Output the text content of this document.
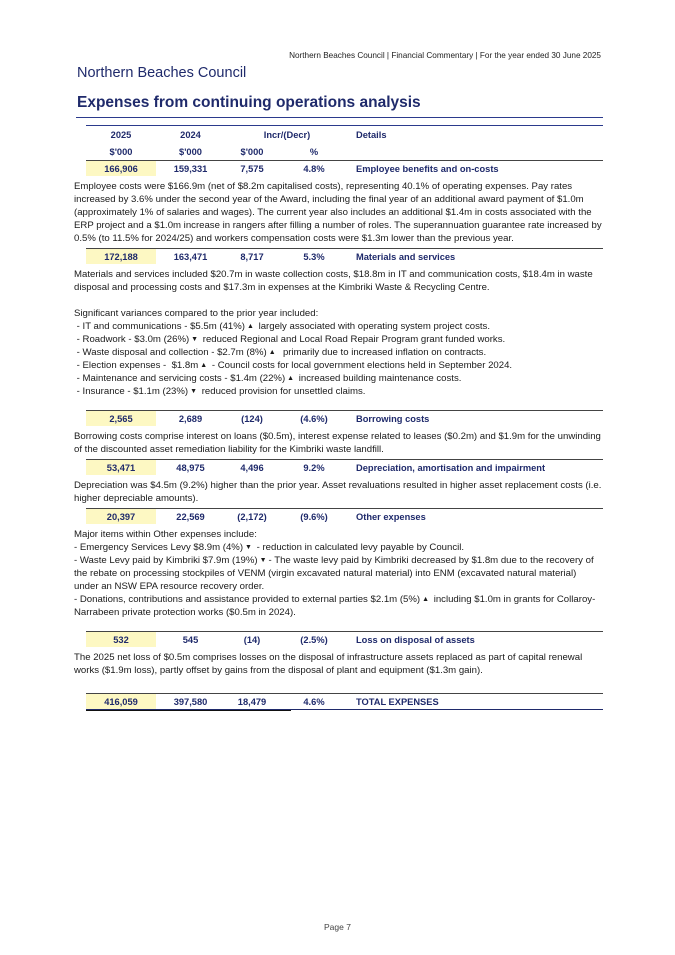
Northern Beaches Council | Financial Commentary | For the year ended 30 June 2025
Northern Beaches Council
Expenses from continuing operations analysis
2025	2024	Incr/(Decr)	Details
$'000	$'000	$'000	%
166,906	159,331	7,575	4.8%	Employee benefits and on-costs

Employee costs were $166.9m (net of $8.2m capitalised costs), representing 40.1% of operating expenses. Pay rates increased by 3.6% under the second year of the Award, including the final year of an additional award payment of $1.0m (approximately 1% of salaries and wages). The current year also includes an additional $1.4m in costs associated with the ERP project and a $1.0m increase in rangers after filling a number of roles. The superannuation guarantee rate increased by 0.5% (to 11.5% for 2024/25) and workers compensation costs were $1.3m lower than the previous year.

172,188	163,471	8,717	5.3%	Materials and services

Materials and services included $20.7m in waste collection costs, $18.8m in IT and communication costs, $18.4m in waste disposal and processing costs and $17.3m in expenses at the Kimbriki Waste & Recycling Centre.

Significant variances compared to the prior year included:

- IT and communications - $5.5m (41%) ▲ largely associated with operating system project costs.

- Roadwork - $3.0m (26%) ▼ reduced Regional and Local Road Repair Program grant funded works.

- Waste disposal and collection - $2.7m (8%) ▲  primarily due to increased inflation on contracts.

- Election expenses -  $1.8m ▲ - Council costs for local government elections held in September 2024.

- Maintenance and servicing costs - $1.4m (22%) ▲ increased building maintenance costs.

- Insurance - $1.1m (23%) ▼ reduced provision for unsettled claims.

2,565	2,689	(124)	(4.6%)	Borrowing costs

Borrowing costs comprise interest on loans ($0.5m), interest expense related to leases ($0.2m) and $1.9m for the unwinding of the discounted asset remediation liability for the Kimbriki waste landfill.

53,471	48,975	4,496	9.2%	Depreciation, amortisation and impairment

Depreciation was $4.5m (9.2%) higher than the prior year. Asset revaluations resulted in higher asset replacement costs (i.e. higher depreciable amounts).

20,397	22,569	(2,172)	(9.6%)	Other expenses

Major items within Other expenses include:

- Emergency Services Levy $8.9m (4%) ▼ - reduction in calculated levy payable by Council.

- Waste Levy paid by Kimbriki $7.9m (19%) ▼ - The waste levy paid by Kimbriki decreased by $1.8m due to the recovery of the rebate on processing stockpiles of VENM (virgin excavated natural material) into ENM (excavated natural material) under an NSW EPA resource recovery order.

- Donations, contributions and assistance provided to external parties $2.1m (5%) ▲ including $1.0m in grants for Collaroy-Narrabeen private protection works ($0.5m in 2024).

532	545	(14)	(2.5%)	Loss on disposal of assets

The 2025 net loss of $0.5m comprises losses on the disposal of infrastructure assets replaced as part of capital renewal works ($1.9m loss), partly offset by gains from the disposal of plant and equipment ($1.3m gain).

416,059	397,580	18,479	4.6%	TOTAL EXPENSES
Page 7
